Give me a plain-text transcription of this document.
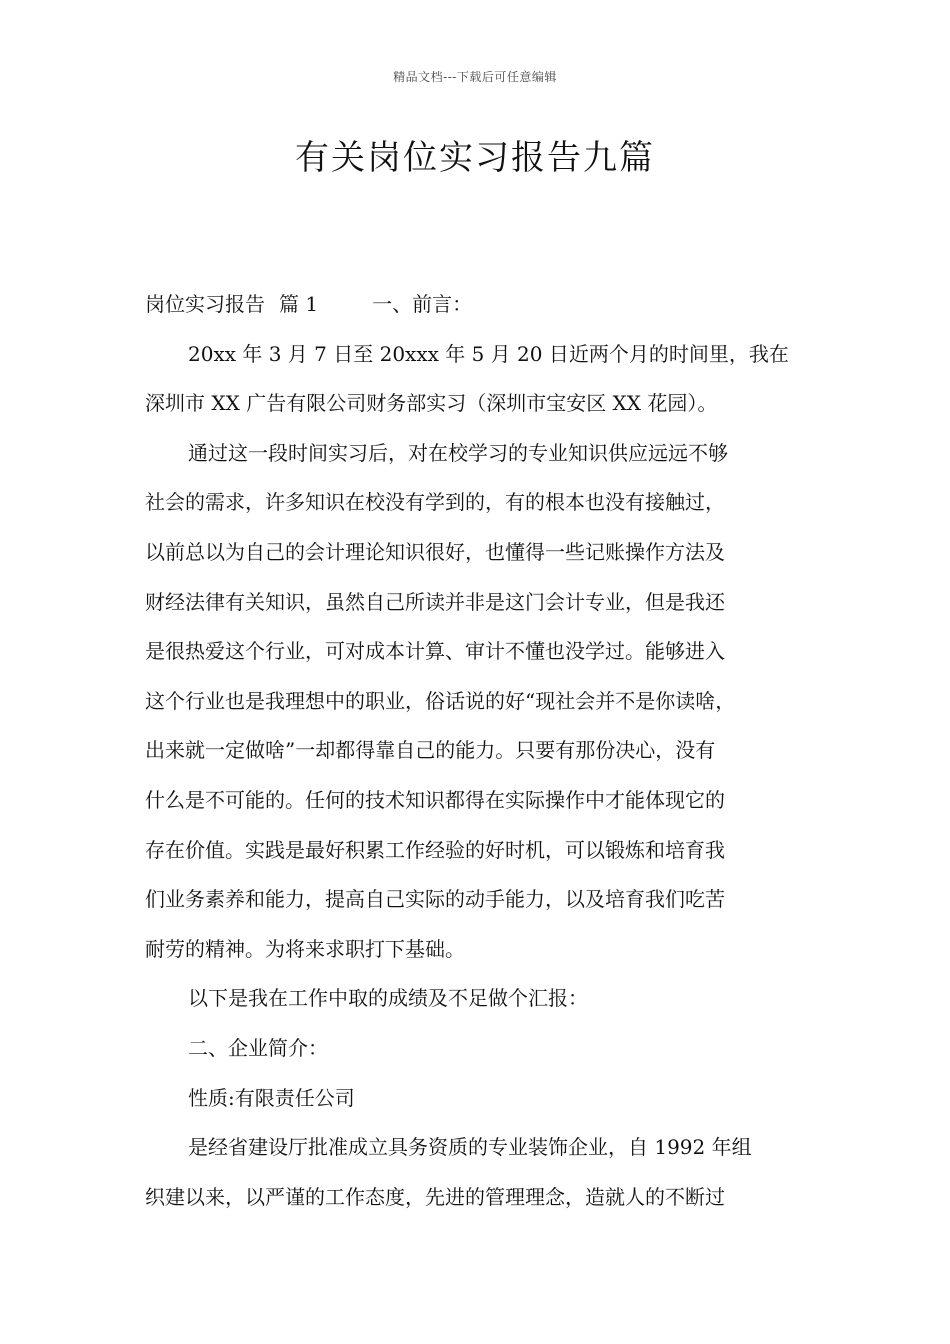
精品文档---下载后可任意编辑
有关岗位实习报告九篇
岗位实习报告 篇 1	一、前言：
20xx 年 3 月 7 日至 20xxx 年 5 月 20 日近两个月的时间里，我在
深圳市 XX 广告有限公司财务部实习（深圳市宝安区 XX 花园）。
通过这一段时间实习后，对在校学习的专业知识供应远远不够
社会的需求，许多知识在校没有学到的，有的根本也没有接触过，
以前总以为自己的会计理论知识很好，也懂得一些记账操作方法及
财经法律有关知识，虽然自己所读并非是这门会计专业，但是我还
是很热爱这个行业，可对成本计算、审计不懂也没学过。能够进入
这个行业也是我理想中的职业，俗话说的好“现社会并不是你读啥，
出来就一定做啥”一却都得靠自己的能力。只要有那份决心，没有
什么是不可能的。任何的技术知识都得在实际操作中才能体现它的
存在价值。实践是最好积累工作经验的好时机，可以锻炼和培育我
们业务素养和能力，提高自己实际的动手能力，以及培育我们吃苦
耐劳的精神。为将来求职打下基础。
以下是我在工作中取的成绩及不足做个汇报：
二、企业简介：
性质:有限责任公司
是经省建设厅批准成立具务资质的专业装饰企业，自 1992 年组
织建以来，以严谨的工作态度，先进的管理理念，造就人的不断过
